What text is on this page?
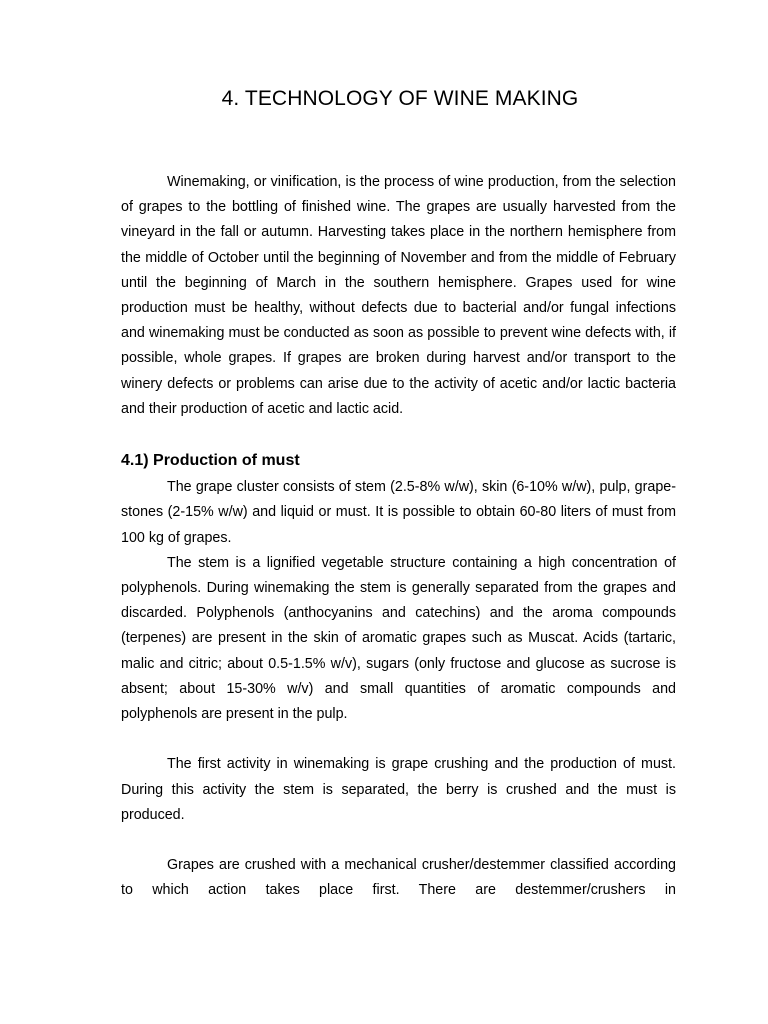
4. TECHNOLOGY OF WINE MAKING

Winemaking, or vinification, is the process of wine production, from the selection of grapes to the bottling of finished wine. The grapes are usually harvested from the vineyard in the fall or autumn. Harvesting takes place in the northern hemisphere from the middle of October until the beginning of November and from the middle of February until the beginning of March in the southern hemisphere. Grapes used for wine production must be healthy, without defects due to bacterial and/or fungal infections and winemaking must be conducted as soon as possible to prevent wine defects with, if possible, whole grapes. If grapes are broken during harvest and/or transport to the winery defects or problems can arise due to the activity of acetic and/or lactic bacteria and their production of acetic and lactic acid.

4.1) Production of must

The grape cluster consists of stem (2.5-8% w/w), skin (6-10% w/w), pulp, grape-stones (2-15% w/w) and liquid or must. It is possible to obtain 60-80 liters of must from 100 kg of grapes.

The stem is a lignified vegetable structure containing a high concentration of polyphenols. During winemaking the stem is generally separated from the grapes and discarded. Polyphenols (anthocyanins and catechins) and the aroma compounds (terpenes) are present in the skin of aromatic grapes such as Muscat. Acids (tartaric, malic and citric; about 0.5-1.5% w/v), sugars (only fructose and glucose as sucrose is absent; about 15-30% w/v) and small quantities of aromatic compounds and polyphenols are present in the pulp.

The first activity in winemaking is grape crushing and the production of must. During this activity the stem is separated, the berry is crushed and the must is produced.

Grapes are crushed with a mechanical crusher/destemmer classified according to which action takes place first. There are destemmer/crushers in
